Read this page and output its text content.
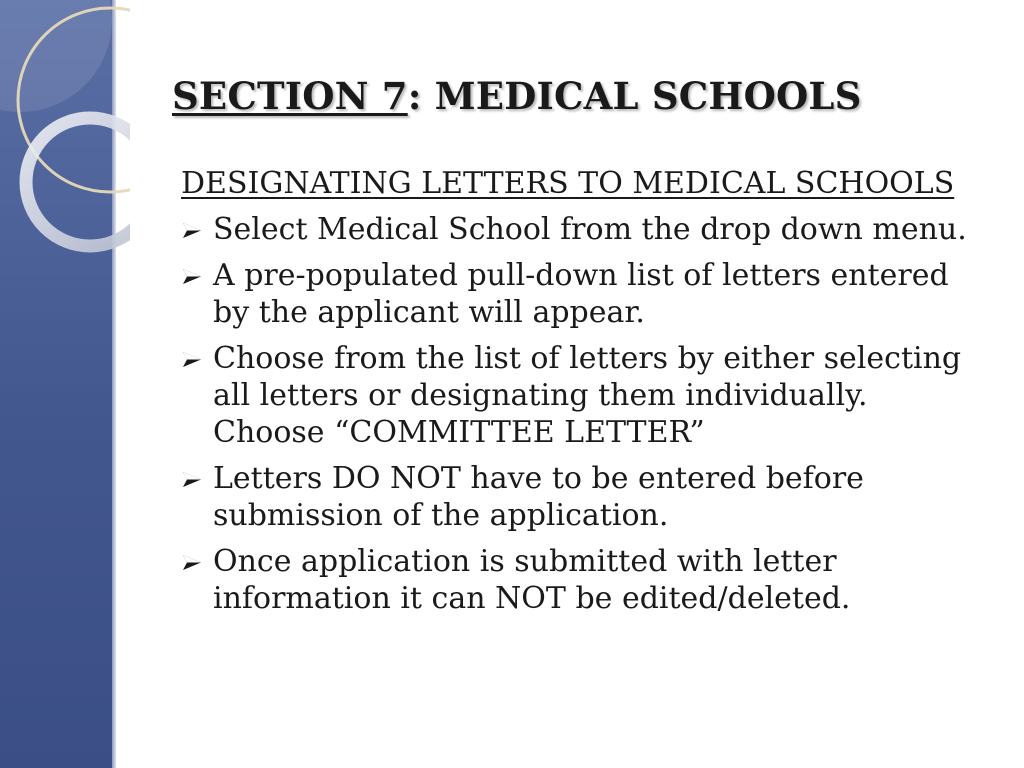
SECTION 7: MEDICAL SCHOOLS

DESIGNATING LETTERS TO MEDICAL SCHOOLS

Select Medical School from the drop down menu.
A pre-populated pull-down list of letters entered by the applicant will appear.
Choose from the list of letters by either selecting all letters or designating them individually. Choose “COMMITTEE LETTER”
Letters DO NOT have to be entered before submission of the application.
Once application is submitted with letter information it can NOT be edited/deleted.
